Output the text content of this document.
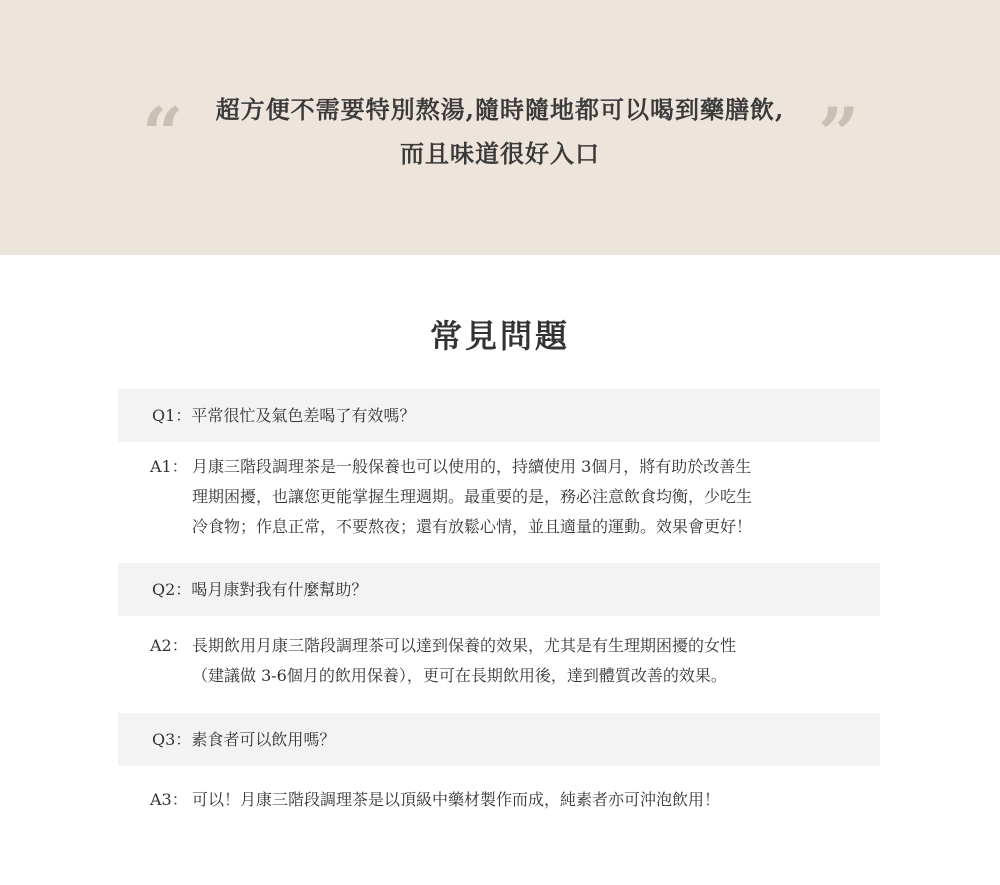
“	超方便不需要特別熬湯,隨時隨地都可以喝到藥膳飲,
而且味道很好入口	”
常見問題
Q1：平常很忙及氣色差喝了有效嗎？
A1： 月康三階段調理茶是一般保養也可以使用的，持續使用 3個月，將有助於改善生
理期困擾，也讓您更能掌握生理週期。最重要的是，務必注意飲食均衡，少吃生
冷食物；作息正常，不要熬夜；還有放鬆心情，並且適量的運動。效果會更好！
Q2：喝月康對我有什麼幫助？
A2： 長期飲用月康三階段調理茶可以達到保養的效果，尤其是有生理期困擾的女性
（建議做 3-6個月的飲用保養），更可在長期飲用後，達到體質改善的效果。
Q3：素食者可以飲用嗎？
A3： 可以！月康三階段調理茶是以頂級中藥材製作而成，純素者亦可沖泡飲用！
